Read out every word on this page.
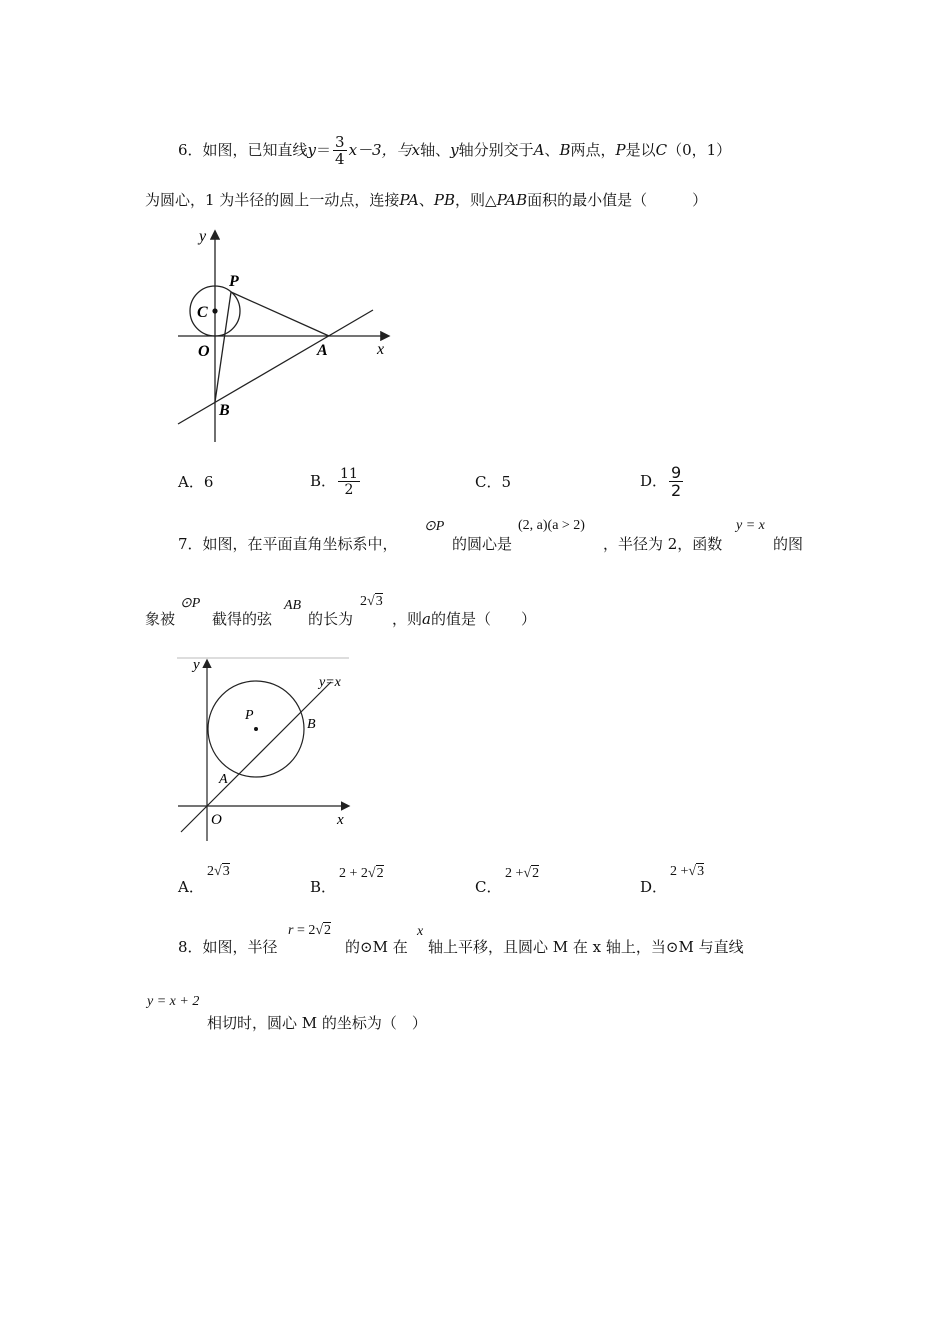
6．如图，已知直线$y= \frac{3}{4} x-3$，与x轴、y轴分别交于A、B两点，P是以C（0，1）
为圆心，1 为半径的圆上一动点，连接PA、PB，则△PAB面积的最小值是（　　　）
y
x
P
C
O	A
B
A．6	B． $\frac{11}{2}$	C．5	D． $\frac{9}{2}$
7．如图，在平面直角坐标系中，
⊙P
的圆心是
(2, a)(a > 2)
，半径为 2，函数
y = x
的图
象被
⊙P
截得的弦
AB
的长为
2√3
，则a的值是（　　）
y
x
y=x
P
B
A
O
A．
2√3
B．
2 + 2√2
C．
2 +√2
D．
2 +√3
8．如图，半径
r = 2√2
的⊙M 在
x
轴上平移，且圆心 M 在 x 轴上，当⊙M 与直线
y = x + 2
相切时，圆心 M 的坐标为（　）
